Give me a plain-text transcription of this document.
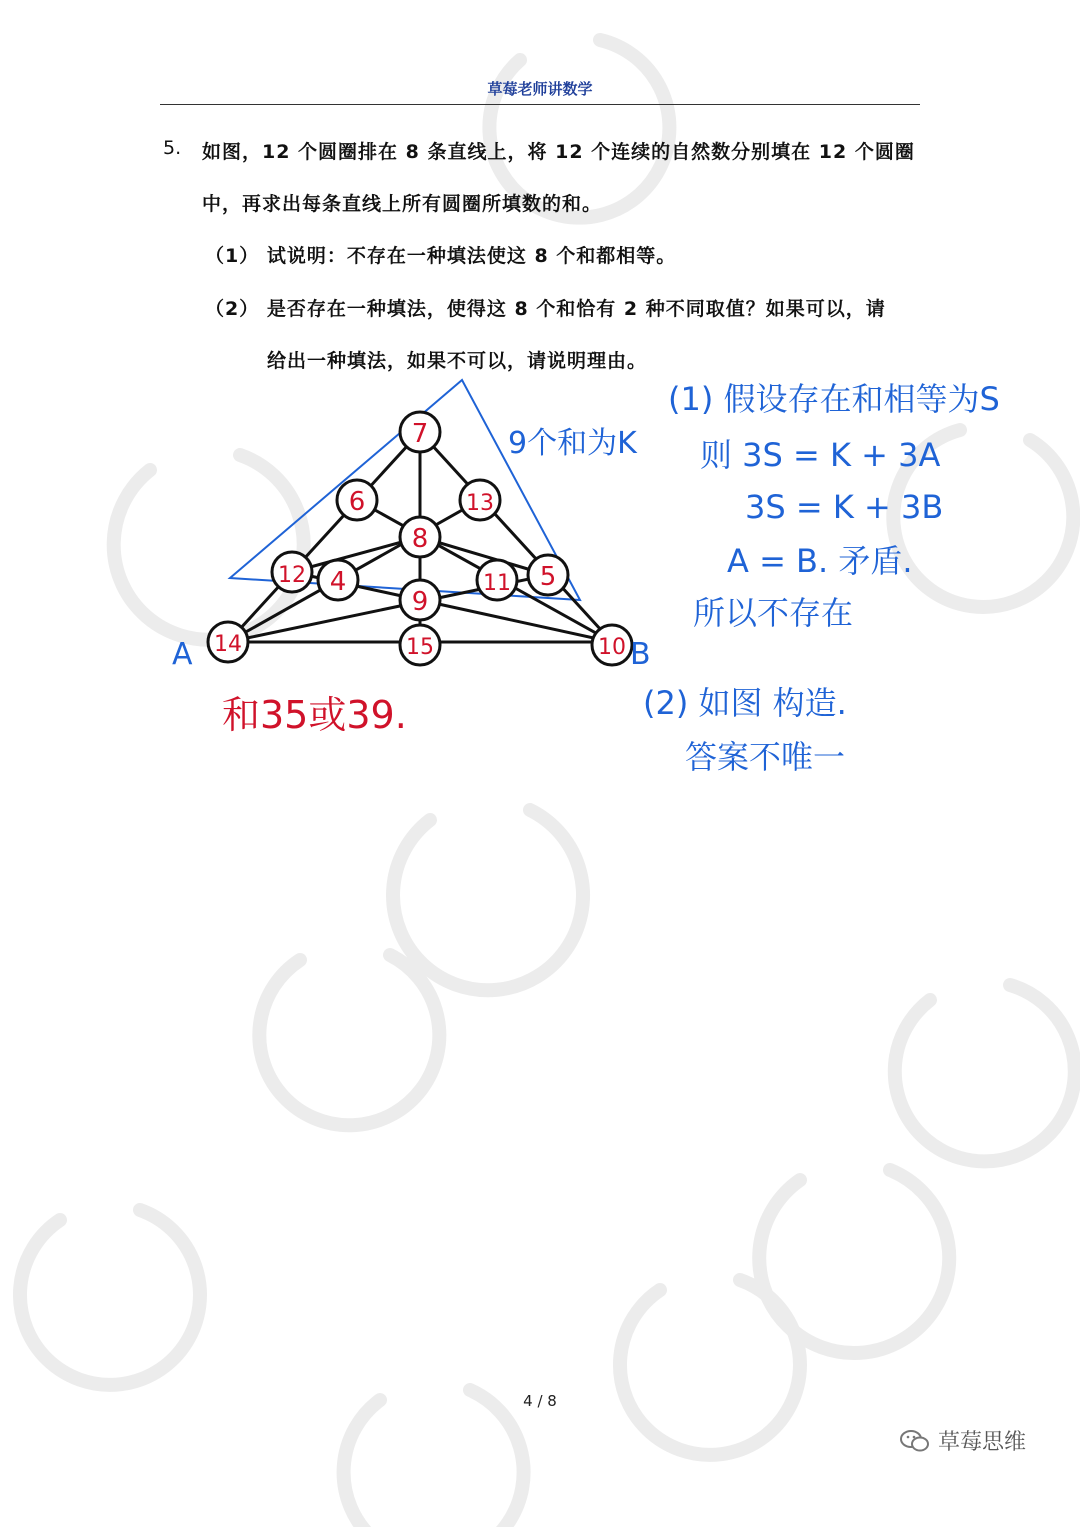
草莓老师讲数学
5. 如图，12 个圆圈排在 8 条直线上，将 12 个连续的自然数分别填在 12 个圆圈
中，再求出每条直线上所有圆圈所填数的和。
（1） 试说明：不存在一种填法使这 8 个和都相等。
（2） 是否存在一种填法，使得这 8 个和恰有 2 种不同取值？如果可以，请
给出一种填法，如果不可以，请说明理由。
7
6	13
8
12 4
9
11 5
14	15	10
A	B
9个和为K
和35或39.
(1) 假设存在和相等为S
则 3S = K + 3A
3S = K + 3B
A = B. 矛盾.
所以不存在
(2) 如图 构造.
答案不唯一
4 / 8
草莓思维
